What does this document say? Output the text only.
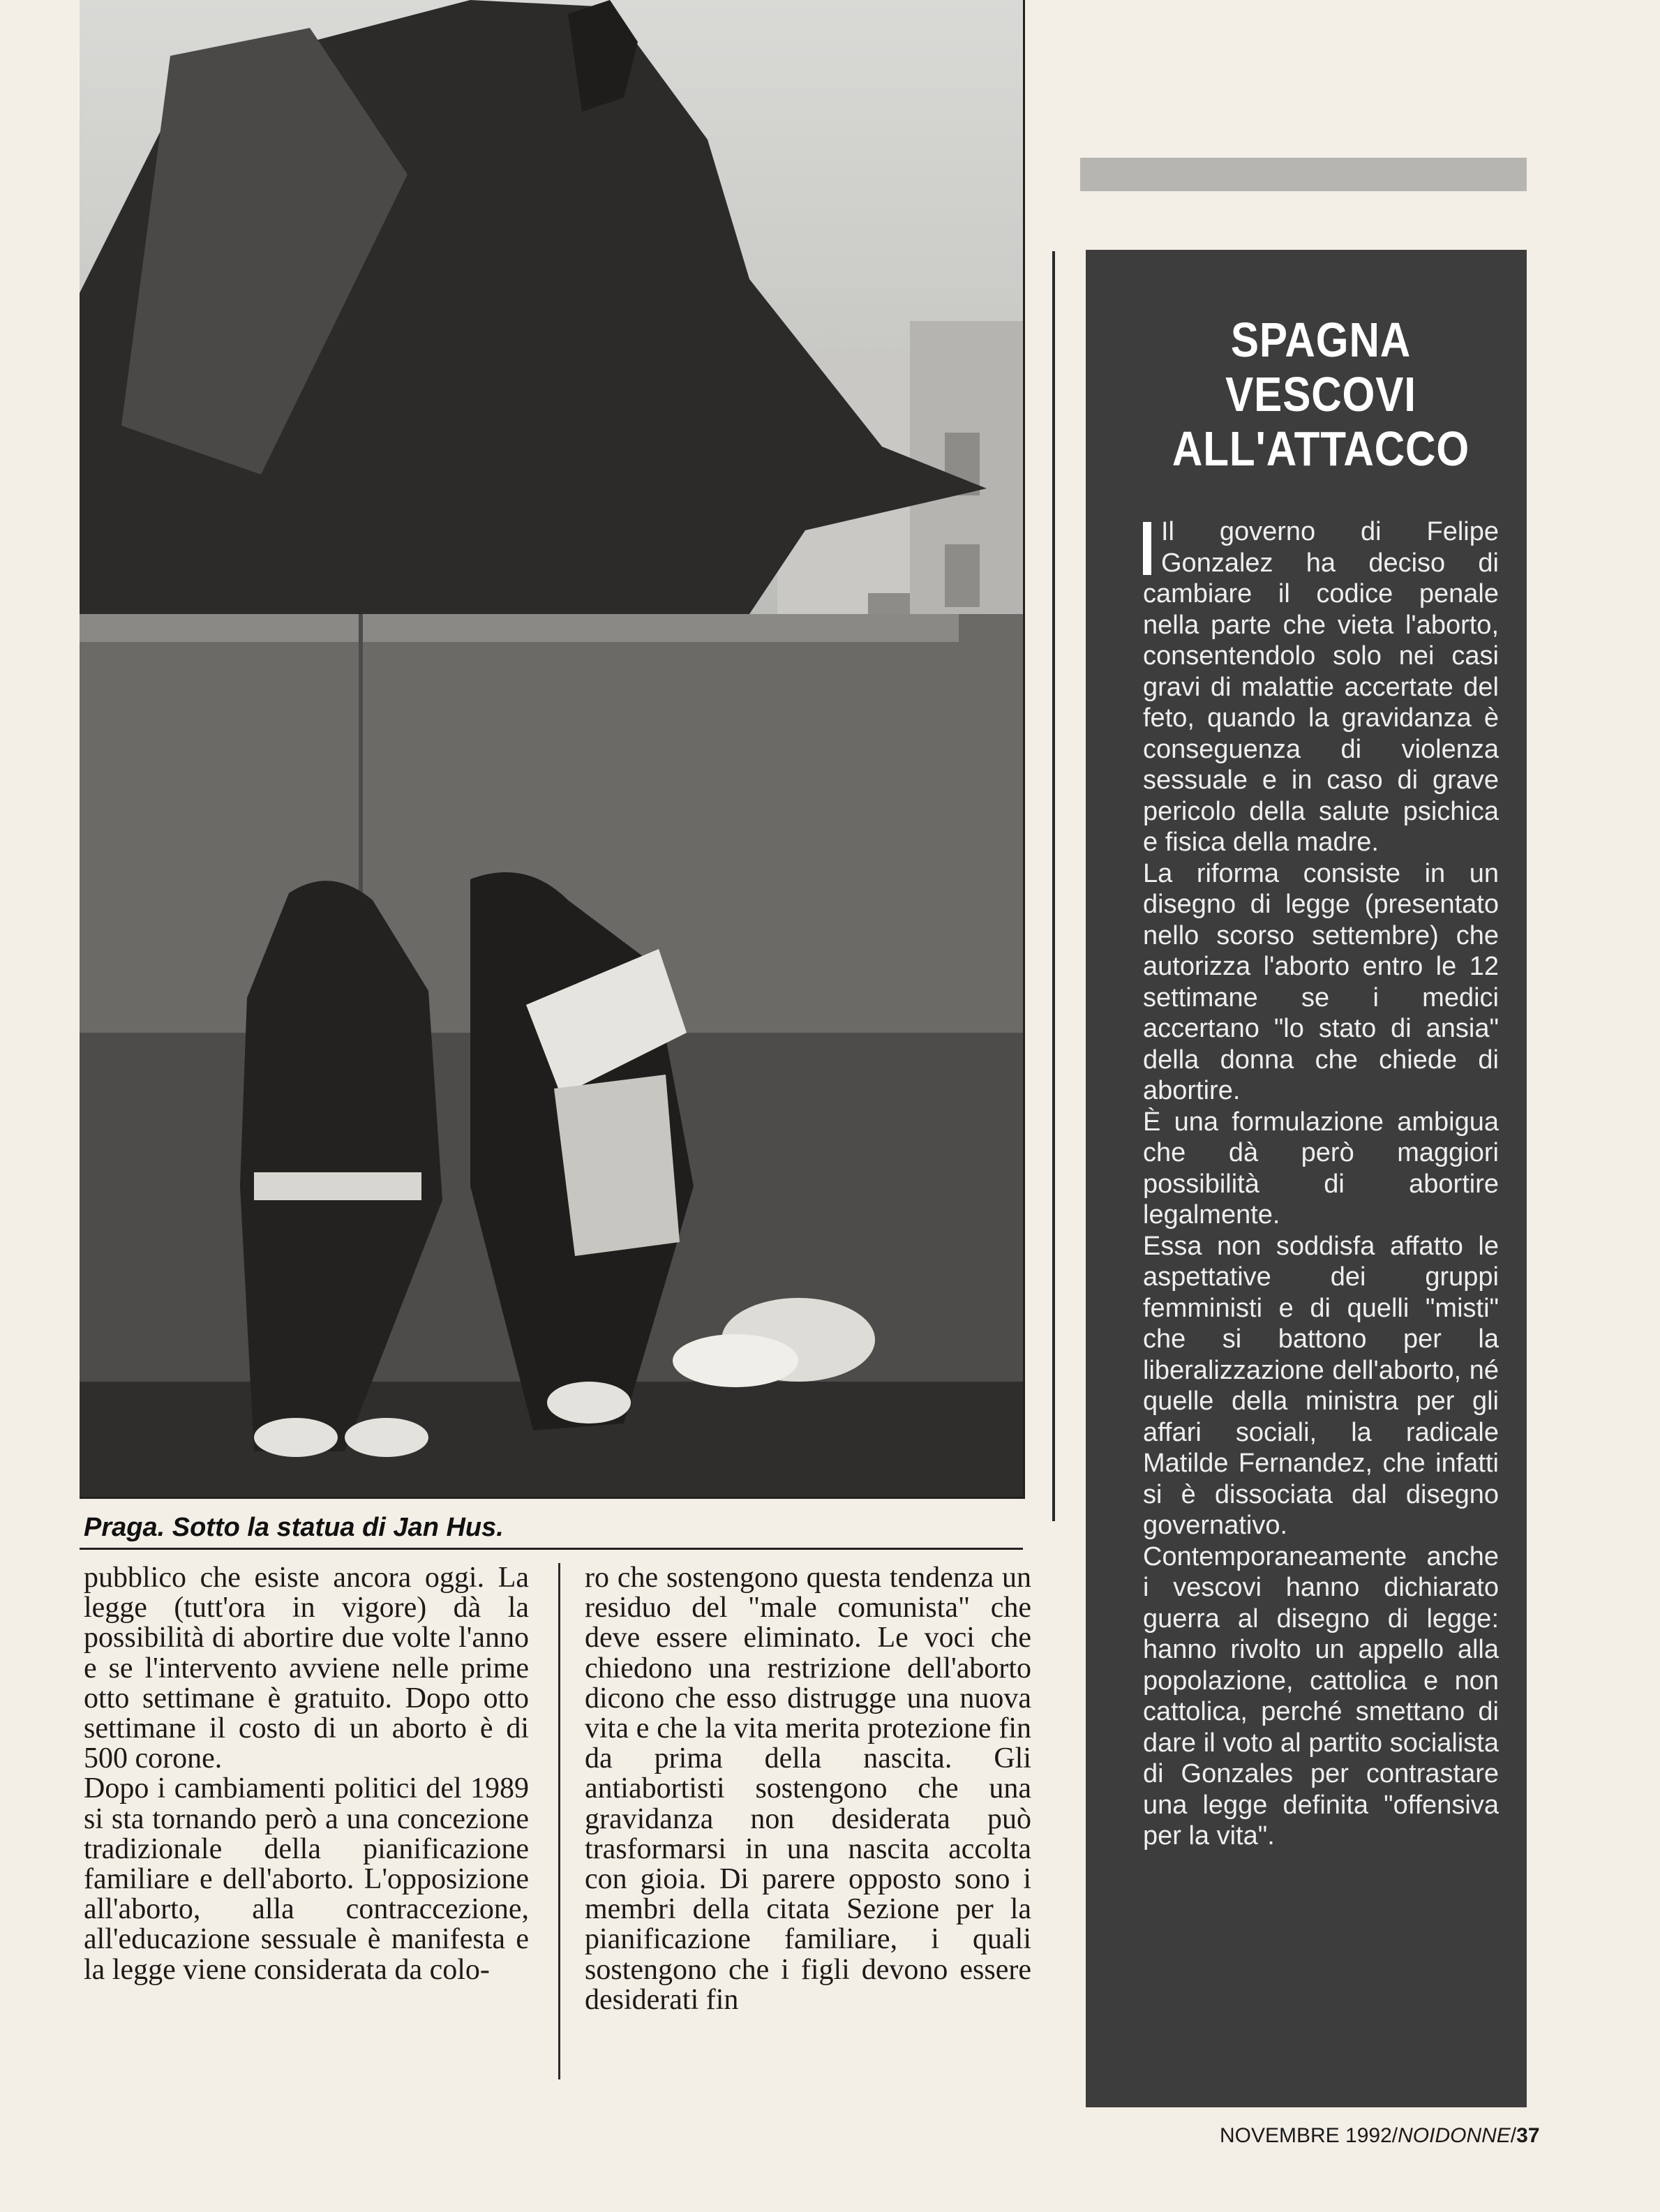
Praga. Sotto la statua di Jan Hus.

pubblico che esiste ancora oggi. La legge (tutt'ora in vigore) dà la possibilità di abortire due volte l'anno e se l'intervento avviene nelle prime otto settimane è gratuito. Dopo otto settimane il costo di un aborto è di 500 corone.

Dopo i cambiamenti politici del 1989 si sta tornando però a una concezione tradizionale della pianificazione familiare e dell'aborto. L'opposizione all'aborto, alla contraccezione, all'educazione sessuale è manifesta e la legge viene considerata da colo-

ro che sostengono questa tendenza un residuo del "male comunista" che deve essere eliminato. Le voci che chiedono una restrizione dell'aborto dicono che esso distrugge una nuova vita e che la vita merita protezione fin da prima della nascita. Gli antiabortisti sostengono che una gravidanza non desiderata può trasformarsi in una nascita accolta con gioia. Di parere opposto sono i membri della citata Sezione per la pianificazione familiare, i quali sostengono che i figli devono essere desiderati fin

SPAGNA
VESCOVI
ALL'ATTACCO

Il governo di Felipe Gonzalez ha deciso di cambiare il codice penale nella parte che vieta l'aborto, consentendolo solo nei casi gravi di malattie accertate del feto, quando la gravidanza è conseguenza di violenza sessuale e in caso di grave pericolo della salute psichica e fisica della madre.

La riforma consiste in un disegno di legge (presentato nello scorso settembre) che autorizza l'aborto entro le 12 settimane se i medici accertano "lo stato di ansia" della donna che chiede di abortire.

È una formulazione ambigua che dà però maggiori possibilità di abortire legalmente.

Essa non soddisfa affatto le aspettative dei gruppi femministi e di quelli "misti" che si battono per la liberalizzazione dell'aborto, né quelle della ministra per gli affari sociali, la radicale Matilde Fernandez, che infatti si è dissociata dal disegno governativo.

Contemporaneamente anche i vescovi hanno dichiarato guerra al disegno di legge: hanno rivolto un appello alla popolazione, cattolica e non cattolica, perché smettano di dare il voto al partito socialista di Gonzales per contrastare una legge definita "offensiva per la vita".

NOVEMBRE 1992/NOIDONNE/37
